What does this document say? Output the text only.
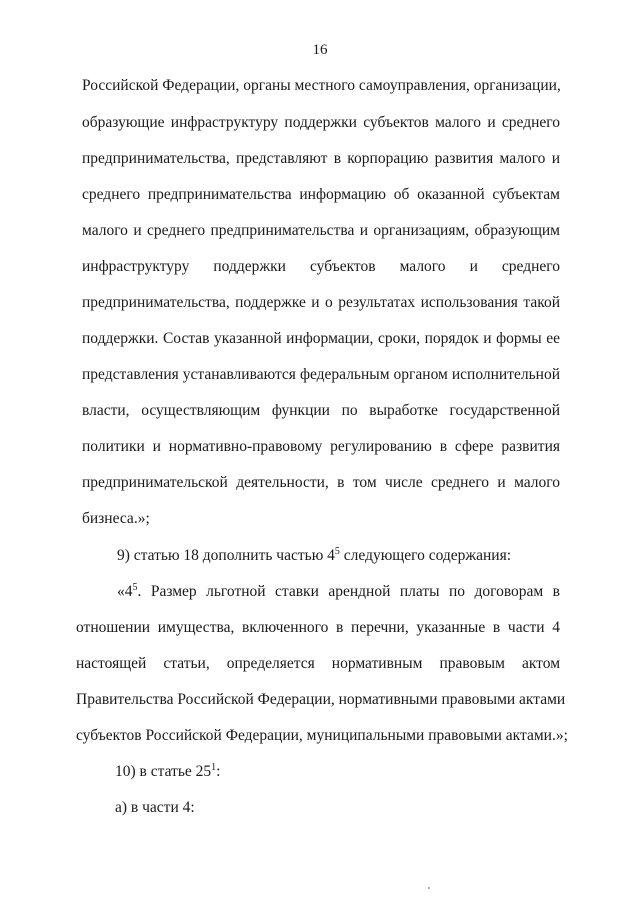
16
Российской Федерации, органы местного самоуправления, организации,
образующие инфраструктуру поддержки субъектов малого и среднего
предпринимательства, представляют в корпорацию развития малого и
среднего предпринимательства информацию об оказанной субъектам
малого и среднего предпринимательства и организациям, образующим
инфраструктуру поддержки субъектов малого и среднего
предпринимательства, поддержке и о результатах использования такой
поддержки. Состав указанной информации, сроки, порядок и формы ее
представления устанавливаются федеральным органом исполнительной
власти, осуществляющим функции по выработке государственной
политики и нормативно-правовому регулированию в сфере развития
предпринимательской деятельности, в том числе среднего и малого
бизнеса.»;
9) статью 18 дополнить частью $4^5$ следующего содержания:
«$4^5$. Размер льготной ставки арендной платы по договорам в
отношении имущества, включенного в перечни, указанные в части 4
настоящей статьи, определяется нормативным правовым актом
Правительства Российской Федерации, нормативными правовыми актами
субъектов Российской Федерации, муниципальными правовыми актами.»;
10) в статье $25^1$:
а) в части 4:
